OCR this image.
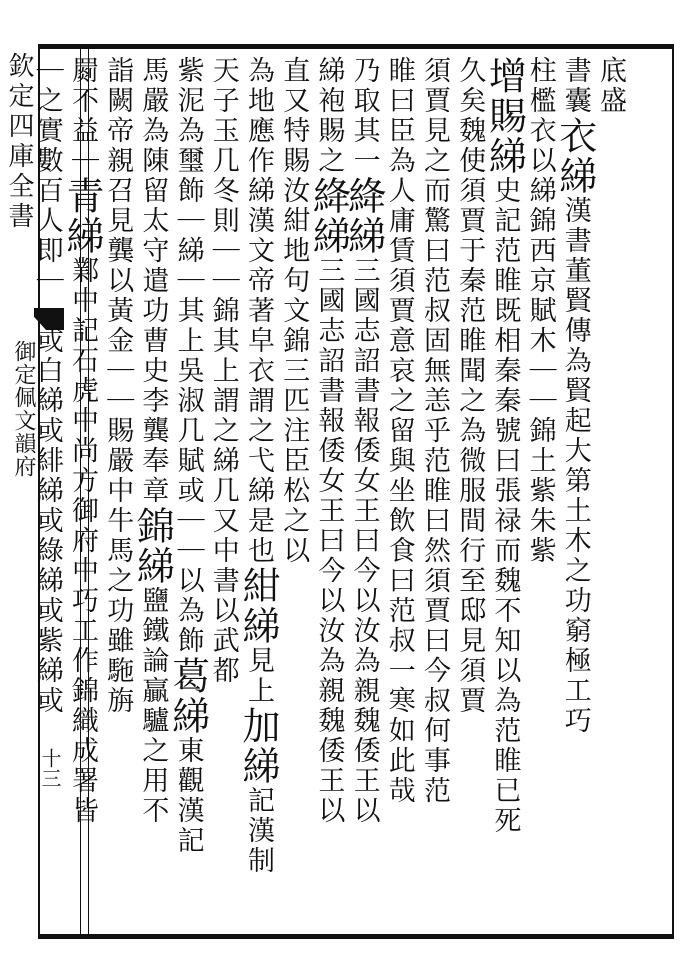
欽定四庫全書
御定佩文韻府
十三
底盛
書囊衣綈漢書董賢傳為賢起大第土木之功窮極工巧
柱檻衣以綈錦西京賦木｜｜錦土紫朱紫
增賜綈史記范睢既相秦秦號曰張禄而魏不知以為范睢已死
久矣魏使須賈于秦范睢聞之為微服間行至邸見須賈
須賈見之而驚曰范叔固無恙乎范睢曰然須賈曰今叔何事范
睢曰臣為人庸賃須賈意哀之留與坐飲食曰范叔一寒如此哉
乃取其一絳綈三國志詔書報倭女王曰今以汝為親魏倭王以
綈袍賜之絳綈三國志詔書報倭女王曰今以汝為親魏倭王以
直又特賜汝紺地句文錦三匹注臣松之以
為地應作綈漢文帝著皁衣謂之弋綈是也紺綈見上加綈記漢制
天子玉几冬則｜｜錦其上謂之綈几又中書以武都
紫泥為璽飾｜綈｜其上吳淑几賦或｜｜以為飾葛綈東觀漢記
馬嚴為陳留太守遣功曹史李龔奉章錦綈鹽鐵論贏驢之用不
詣闕帝親召見龔以黃金｜｜賜嚴中牛馬之功雖駞旃
罽不益｜青綈鄴中記石虎中尚方御府中巧工作錦織成署皆
｜之實數百人即｜｜或白綈或緋綈或綠綈或紫綈或
